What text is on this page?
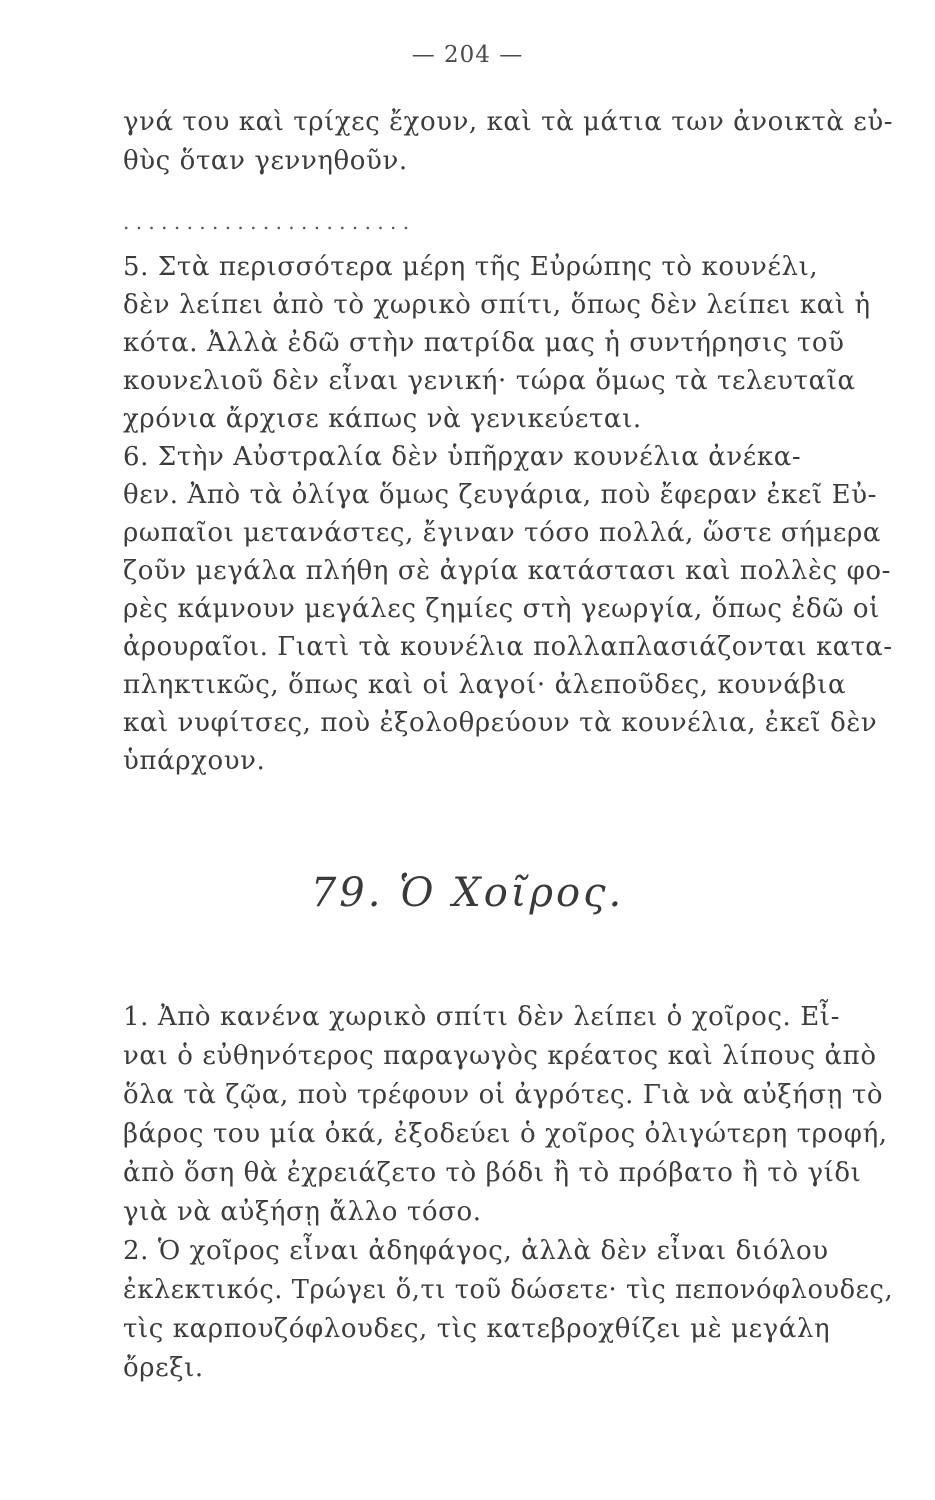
— 204 —
γνά του καὶ τρίχες ἔχουν, καὶ τὰ μάτια των ἀνοικτὰ εὐ-
θὺς ὅταν γεννηθοῦν.
. . . . . . . . . . . . . . . . . . . . . . .
5. Στὰ περισσότερα μέρη τῆς Εὐρώπης τὸ κουνέλι,
δὲν λείπει ἀπὸ τὸ χωρικὸ σπίτι, ὅπως δὲν λείπει καὶ ἡ
κότα. Ἀλλὰ ἐδῶ στὴν πατρίδα μας ἡ συντήρησις τοῦ
κουνελιοῦ δὲν εἶναι γενική· τώρα ὅμως τὰ τελευταῖα
χρόνια ἄρχισε κάπως νὰ γενικεύεται.
6. Στὴν Αὐστραλία δὲν ὑπῆρχαν κουνέλια ἀνέκα-
θεν. Ἀπὸ τὰ ὀλίγα ὅμως ζευγάρια, ποὺ ἔφεραν ἐκεῖ Εὐ-
ρωπαῖοι μετανάστες, ἔγιναν τόσο πολλά, ὥστε σήμερα
ζοῦν μεγάλα πλήθη σὲ ἀγρία κατάστασι καὶ πολλὲς φο-
ρὲς κάμνουν μεγάλες ζημίες στὴ γεωργία, ὅπως ἐδῶ οἱ
ἀρουραῖοι. Γιατὶ τὰ κουνέλια πολλαπλασιάζονται κατα-
πληκτικῶς, ὅπως καὶ οἱ λαγοί· ἀλεποῦδες, κουνάβια
καὶ νυφίτσες, ποὺ ἐξολοθρεύουν τὰ κουνέλια, ἐκεῖ δὲν
ὑπάρχουν.
79. Ὁ Χοῖρος.
1. Ἀπὸ κανένα χωρικὸ σπίτι δὲν λείπει ὁ χοῖρος. Εἶ-
ναι ὁ εὐθηνότερος παραγωγὸς κρέατος καὶ λίπους ἀπὸ
ὅλα τὰ ζῷα, ποὺ τρέφουν οἱ ἀγρότες. Γιὰ νὰ αὐξήσῃ τὸ
βάρος του μία ὀκά, ἐξοδεύει ὁ χοῖρος ὀλιγώτερη τροφή,
ἀπὸ ὅση θὰ ἐχρειάζετο τὸ βόδι ἢ τὸ πρόβατο ἢ τὸ γίδι
γιὰ νὰ αὐξήσῃ ἄλλο τόσο.
2. Ὁ χοῖρος εἶναι ἀδηφάγος, ἀλλὰ δὲν εἶναι διόλου
ἐκλεκτικός. Τρώγει ὅ,τι τοῦ δώσετε· τὶς πεπονόφλουδες,
τὶς καρπουζόφλουδες, τὶς κατεβροχθίζει μὲ μεγάλη
ὄρεξι.
